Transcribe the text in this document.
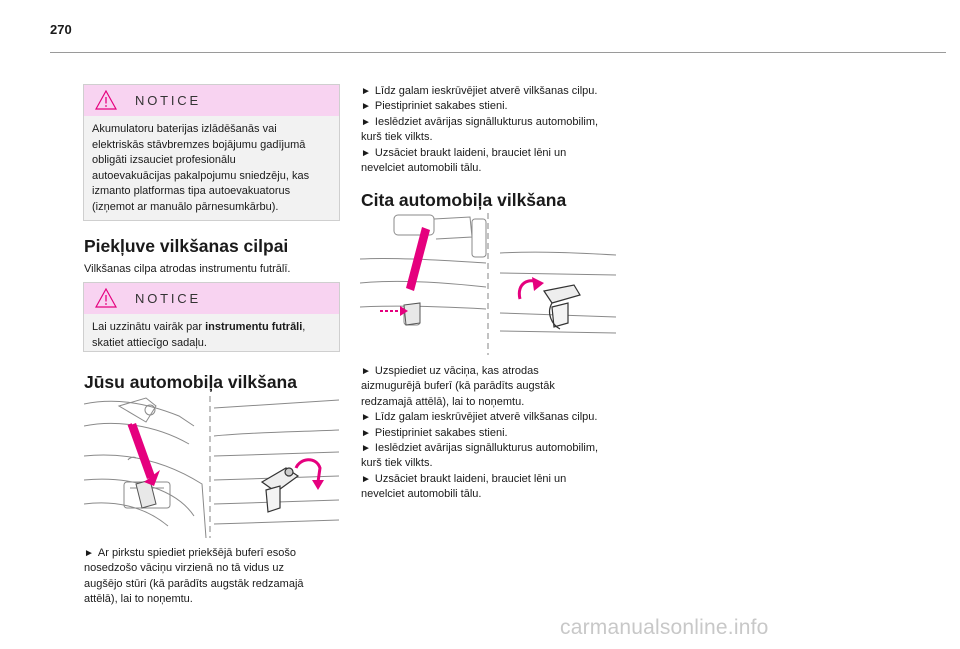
270
NOTICE
Akumulatoru baterijas izlādēšanās vai
elektriskās stāvbremzes bojājumu gadījumā
obligāti izsauciet profesionālu
autoevakuācijas pakalpojumu sniedzēju, kas
izmanto platformas tipa autoevakuatorus
(izņemot ar manuālo pārnesumkārbu).
Piekļuve vilkšanas cilpai
Vilkšanas cilpa atrodas instrumentu futrālī.
NOTICE
Lai uzzinātu vairāk par instrumentu futrāli,
skatiet attiecīgo sadaļu.
Jūsu automobiļa vilkšana
► Ar pirkstu spiediet priekšējā buferī esošo
nosedzošo vāciņu virzienā no tā vidus uz
augšējo stūri (kā parādīts augstāk redzamajā
attēlā), lai to noņemtu.
► Līdz galam ieskrūvējiet atverē vilkšanas cilpu.
► Piestipriniet sakabes stieni.
► Ieslēdziet avārijas signāllukturus automobilim,
kurš tiek vilkts.
► Uzsāciet braukt laideni, brauciet lēni un
nevelciet automobili tālu.
Cita automobiļa vilkšana
► Uzspiediet uz vāciņa, kas atrodas
aizmugurējā buferī (kā parādīts augstāk
redzamajā attēlā), lai to noņemtu.
► Līdz galam ieskrūvējiet atverē vilkšanas cilpu.
► Piestipriniet sakabes stieni.
► Ieslēdziet avārijas signāllukturus automobilim,
kurš tiek vilkts.
► Uzsāciet braukt laideni, brauciet lēni un
nevelciet automobili tālu.
carmanualsonline.info
